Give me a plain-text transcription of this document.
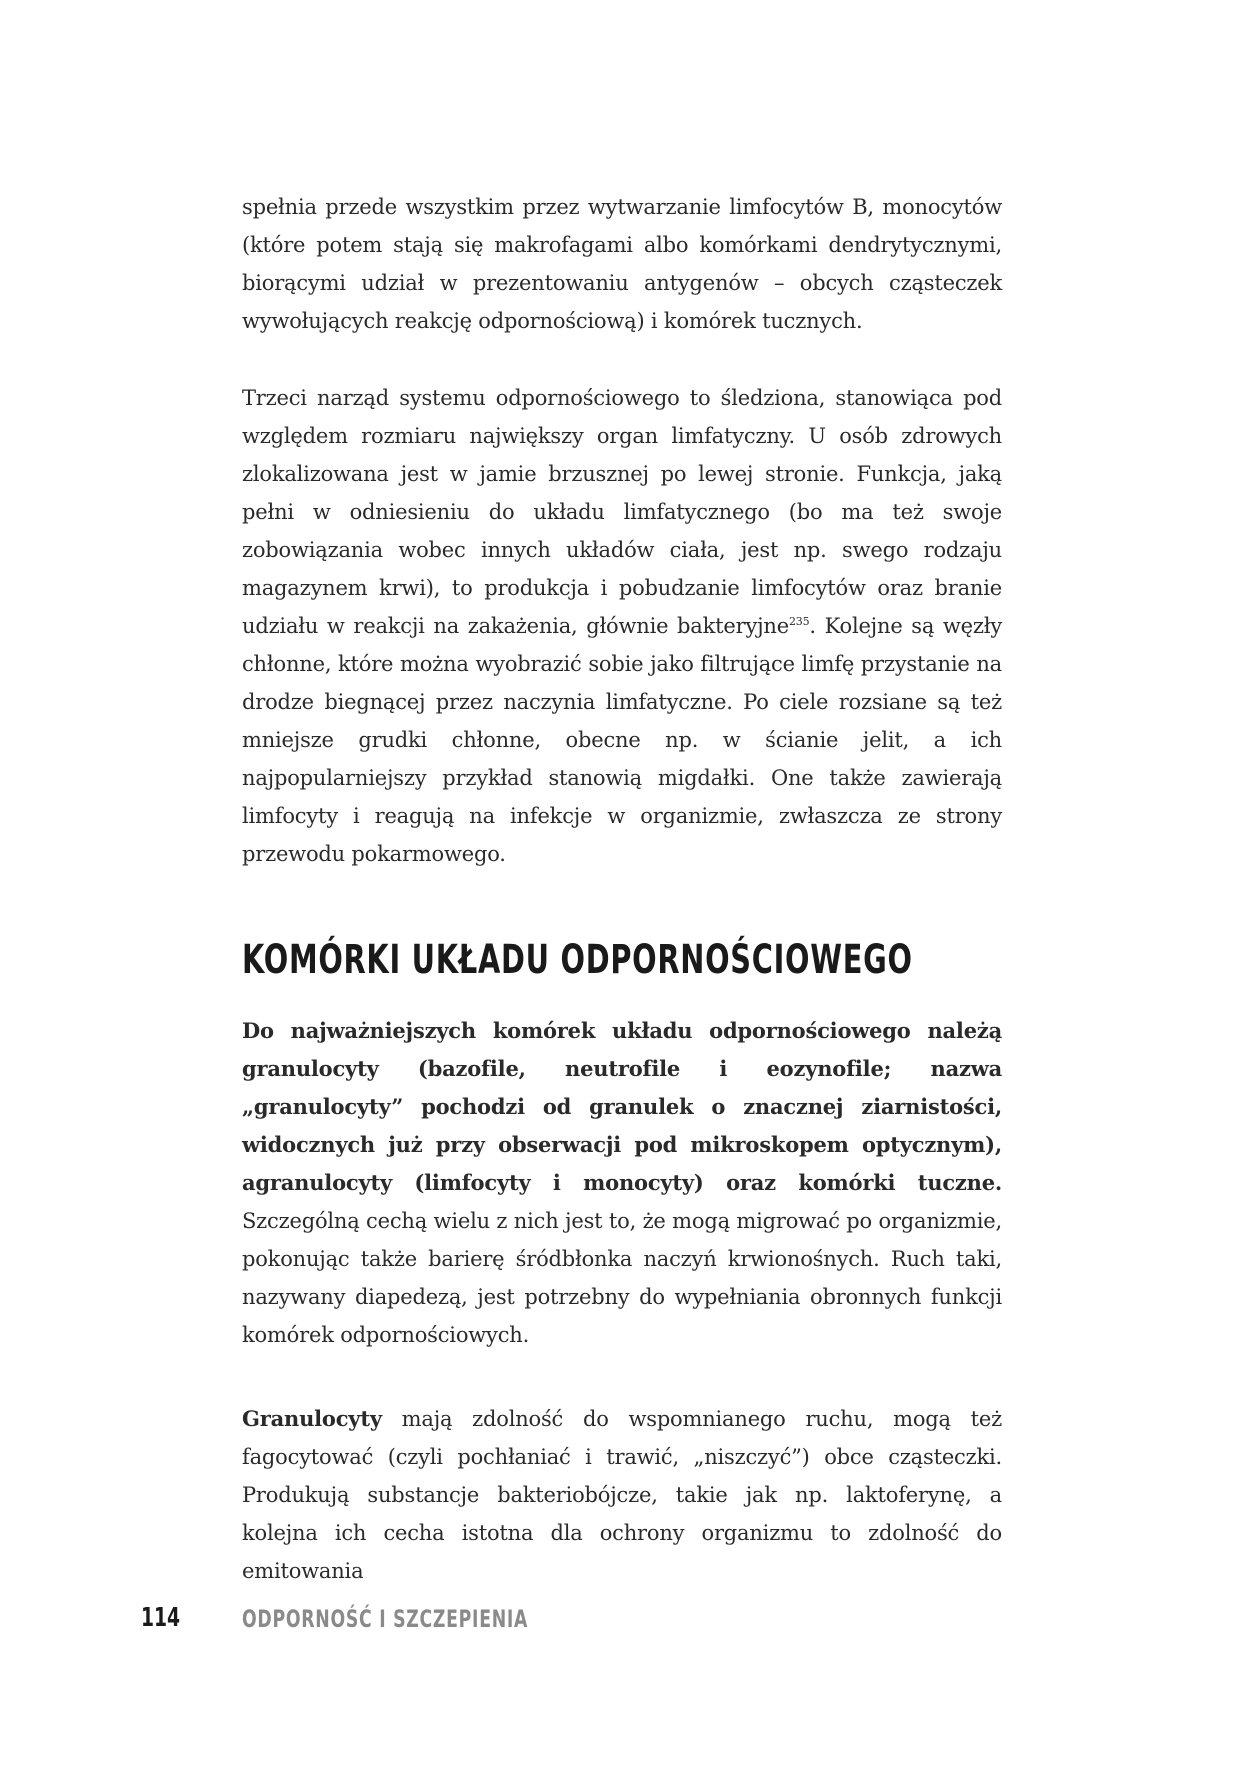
spełnia przede wszystkim przez wytwarzanie limfocytów B, monocytów (które potem stają się makrofagami albo komórkami dendrytycznymi, biorącymi udział w prezentowaniu antygenów – obcych cząsteczek wywołujących reakcję odpornościową) i komórek tucznych.

Trzeci narząd systemu odpornościowego to śledziona, stanowiąca pod względem rozmiaru największy organ limfatyczny. U osób zdrowych zlokalizowana jest w jamie brzusznej po lewej stronie. Funkcja, jaką pełni w odniesieniu do układu limfatycznego (bo ma też swoje zobowiązania wobec innych układów ciała, jest np. swego rodzaju magazynem krwi), to produkcja i pobudzanie limfocytów oraz branie udziału w reakcji na zakażenia, głównie bakteryjne$^{235}$. Kolejne są węzły chłonne, które można wyobrazić sobie jako filtrujące limfę przystanie na drodze biegnącej przez naczynia limfatyczne. Po ciele rozsiane są też mniejsze grudki chłonne, obecne np. w ścianie jelit, a ich najpopularniejszy przykład stanowią migdałki. One także zawierają limfocyty i reagują na infekcje w organizmie, zwłaszcza ze strony przewodu pokarmowego.

KOMÓRKI UKŁADU ODPORNOŚCIOWEGO

Do najważniejszych komórek układu odpornościowego należą granulocyty (bazofile, neutrofile i eozynofile; nazwa „granulocyty” pochodzi od granulek o znacznej ziarnistości, widocznych już przy obserwacji pod mikroskopem optycznym), agranulocyty (limfocyty i monocyty) oraz komórki tuczne. Szczególną cechą wielu z nich jest to, że mogą migrować po organizmie, pokonując także barierę śródbłonka naczyń krwionośnych. Ruch taki, nazywany diapedezą, jest potrzebny do wypełniania obronnych funkcji komórek odpornościowych.

Granulocyty mają zdolność do wspomnianego ruchu, mogą też fagocytować (czyli pochłaniać i trawić, „niszczyć”) obce cząsteczki. Produkują substancje bakteriobójcze, takie jak np. laktoferynę, a kolejna ich cecha istotna dla ochrony organizmu to zdolność do emitowania

114	ODPORNOŚĆ I SZCZEPIENIA
